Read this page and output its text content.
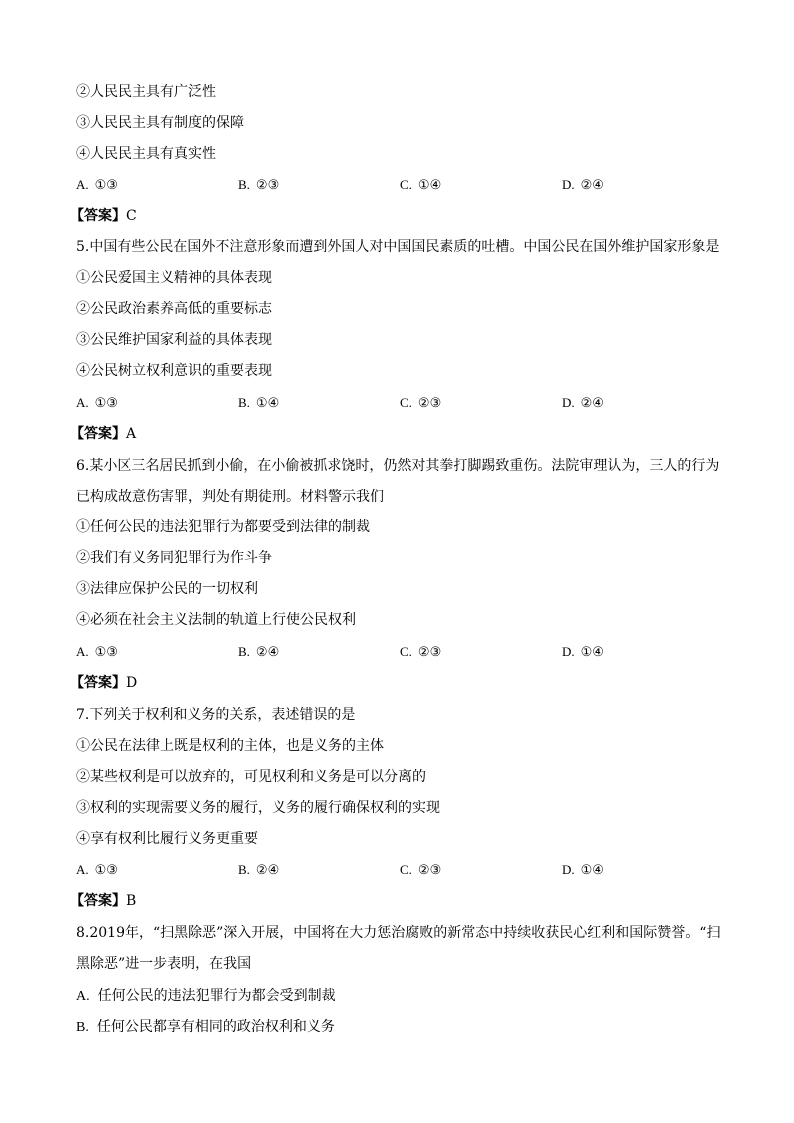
②人民民主具有广泛性
③人民民主具有制度的保障
④人民民主具有真实性
A. ①③	B. ②③	C. ①④	D. ②④
【答案】C
5.中国有些公民在国外不注意形象而遭到外国人对中国国民素质的吐槽。中国公民在国外维护国家形象是
①公民爱国主义精神的具体表现
②公民政治素养高低的重要标志
③公民维护国家利益的具体表现
④公民树立权利意识的重要表现
A. ①③	B. ①④	C. ②③	D. ②④
【答案】A
6.某小区三名居民抓到小偷，在小偷被抓求饶时，仍然对其拳打脚踢致重伤。法院审理认为，三人的行为已构成故意伤害罪，判处有期徒刑。材料警示我们
①任何公民的违法犯罪行为都要受到法律的制裁
②我们有义务同犯罪行为作斗争
③法律应保护公民的一切权利
④必须在社会主义法制的轨道上行使公民权利
A. ①③	B. ②④	C. ②③	D. ①④
【答案】D
7.下列关于权利和义务的关系，表述错误的是
①公民在法律上既是权利的主体，也是义务的主体
②某些权利是可以放弃的，可见权利和义务是可以分离的
③权利的实现需要义务的履行，义务的履行确保权利的实现
④享有权利比履行义务更重要
A. ①③	B. ②④	C. ②③	D. ①④
【答案】B
8.2019年，“扫黑除恶”深入开展，中国将在大力惩治腐败的新常态中持续收获民心红利和国际赞誉。“扫黑除恶”进一步表明，在我国
A. 任何公民的违法犯罪行为都会受到制裁
B. 任何公民都享有相同的政治权利和义务
